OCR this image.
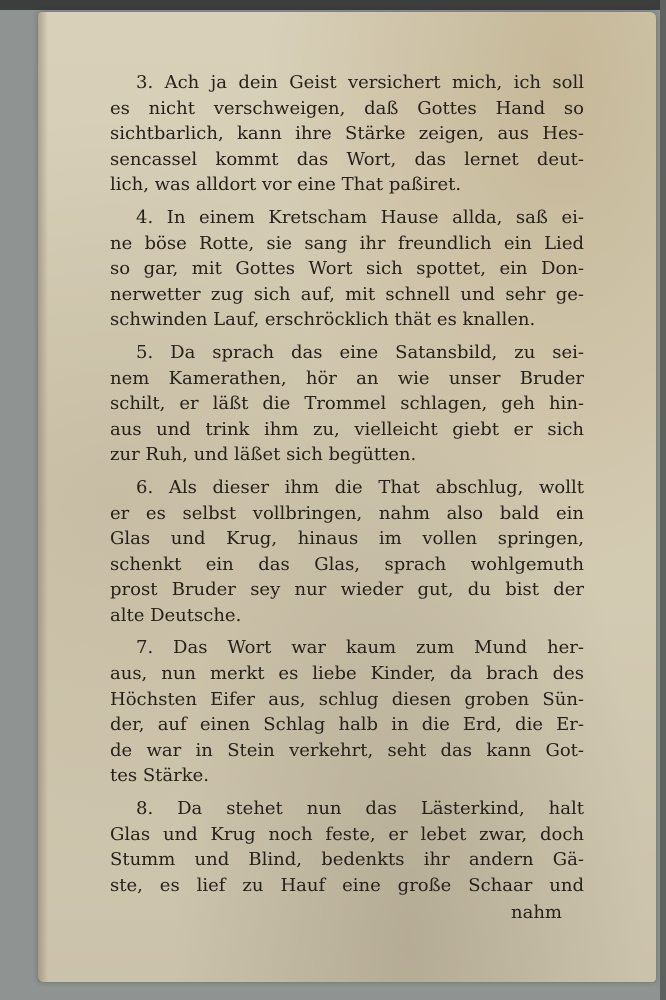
3. Ach ja dein Geist versichert mich, ich soll
es nicht verschweigen, daß Gottes Hand so
sichtbarlich, kann ihre Stärke zeigen, aus Hes-
sencassel kommt das Wort, das lernet deut-
lich, was alldort vor eine That paßiret.
4. In einem Kretscham Hause allda, saß ei-
ne böse Rotte, sie sang ihr freundlich ein Lied
so gar, mit Gottes Wort sich spottet, ein Don-
nerwetter zug sich auf, mit schnell und sehr ge-
schwinden Lauf, erschröcklich thät es knallen.
5. Da sprach das eine Satansbild, zu sei-
nem Kamerathen, hör an wie unser Bruder
schilt, er läßt die Trommel schlagen, geh hin-
aus und trink ihm zu, vielleicht giebt er sich
zur Ruh, und läßet sich begütten.
6. Als dieser ihm die That abschlug, wollt
er es selbst vollbringen, nahm also bald ein
Glas und Krug, hinaus im vollen springen,
schenkt ein das Glas, sprach wohlgemuth
prost Bruder sey nur wieder gut, du bist der
alte Deutsche.
7. Das Wort war kaum zum Mund her-
aus, nun merkt es liebe Kinder, da brach des
Höchsten Eifer aus, schlug diesen groben Sün-
der, auf einen Schlag halb in die Erd, die Er-
de war in Stein verkehrt, seht das kann Got-
tes Stärke.
8. Da stehet nun das Lästerkind, halt
Glas und Krug noch feste, er lebet zwar, doch
Stumm und Blind, bedenkts ihr andern Gä-
ste, es lief zu Hauf eine große Schaar und
nahm
